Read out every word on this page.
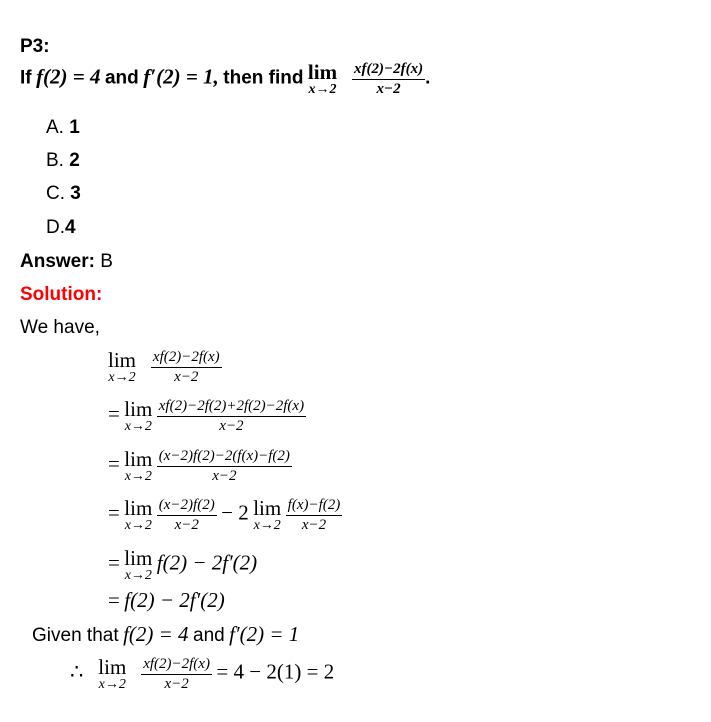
P3:
If f(2) = 4 and f′(2) = 1, then find lim
x→2
$\frac{xf(2)-2f(x)}{x-2}$ .
A. 1
B. 2
C. 3
D.4
Answer: B
Solution:
We have,
lim
x→2
$\frac{xf(2)-2f(x)}{x-2}$
= lim
x→2
$\frac{xf(2)-2f(2)+2f(2)-2f(x)}{x-2}$
= lim
x→2
$\frac{(x-2)f(2)-2(f(x)-f(2)}{x-2}$
= lim
x→2
$\frac{(x-2)f(2)}{x-2} - 2$ lim
x→2
$\frac{f(x)-f(2)}{x-2}$
= lim
x→2
f(2) − 2f′(2)
= f(2) − 2f′(2)
Given that f(2) = 4 and f′(2) = 1
∴ lim
x→2
$\frac{xf(2)-2f(x)}{x-2} = 4 - 2(1) = 2$
